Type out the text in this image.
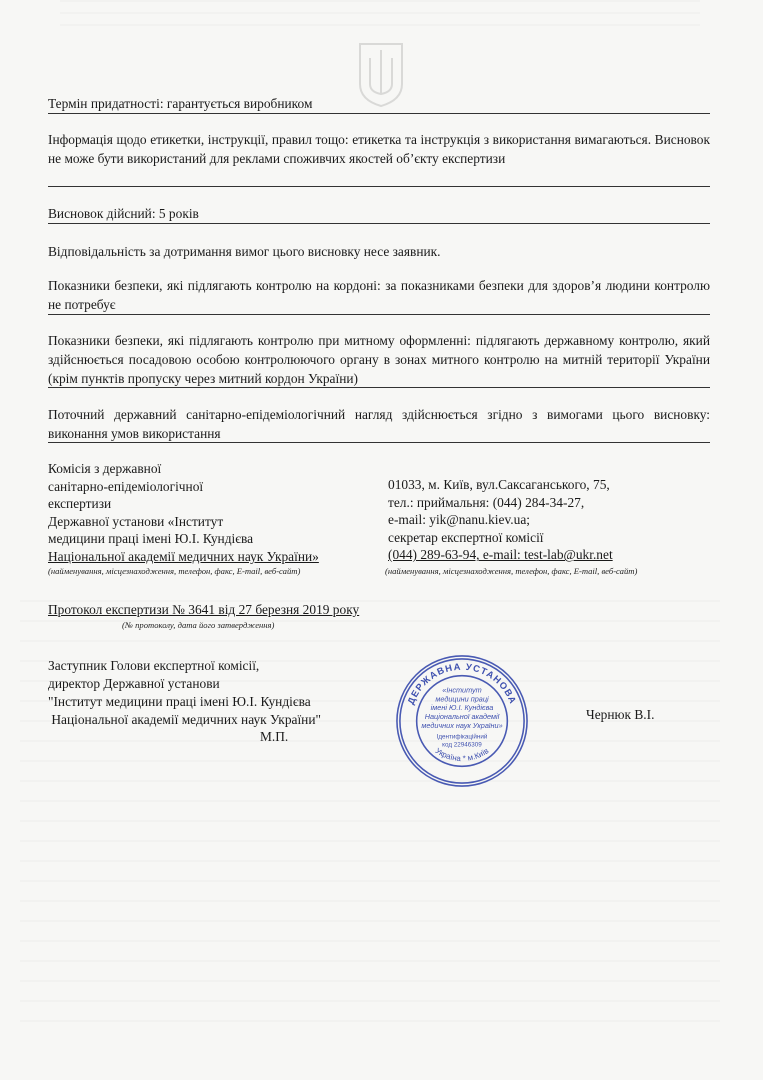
Термін придатності: гарантується виробником
Інформація щодо етикетки, інструкції, правил тощо: етикетка та інструкція з використання вимагаються. Висновок не може бути використаний для реклами споживчих якостей об’єкту експертизи
Висновок дійсний: 5 років
Відповідальність за дотримання вимог цього висновку несе заявник.
Показники безпеки, які підлягають контролю на кордоні: за показниками безпеки для здоров’я людини контролю не потребує
Показники безпеки, які підлягають контролю при митному оформленні: підлягають державному контролю, який здійснюється посадовою особою контролюючого органу в зонах митного контролю на митній території України (крім пунктів пропуску через митний кордон України)
Поточний державний санітарно-епідеміологічний нагляд здійснюється згідно з вимогами цього висновку: виконання умов використання
Комісія з державної
санітарно-епідеміологічної
експертизи
Державної установи «Інститут
медицини праці імені Ю.І. Кундієва
Національної академії медичних наук України»
01033, м. Київ, вул.Саксаганського, 75,
тел.: приймальня: (044) 284-34-27,
e-mail: yik@nanu.kiev.ua;
секретар експертної комісії
(044) 289-63-94, e-mail: test-lab@ukr.net
(найменування, місцезнаходження, телефон, факс, E-mail, веб-сайт)	(найменування, місцезнаходження, телефон, факс, E-mail, веб-сайт)
Протокол експертизи № 3641 від 27 березня 2019 року
(№ протоколу, дата його затвердження)
Заступник Голови експертної комісії,
директор Державної установи
"Інститут медицини праці імені Ю.І. Кундієва
Національної академії медичних наук України"
М.П.
Чернюк В.І.
ДЕРЖАВНА УСТАНОВА
Україна * м.Київ
«Інститут
медицини праці
імені Ю.І. Кундієва
Національної академії
медичних наук України»
Ідентифікаційний
код 22946309
